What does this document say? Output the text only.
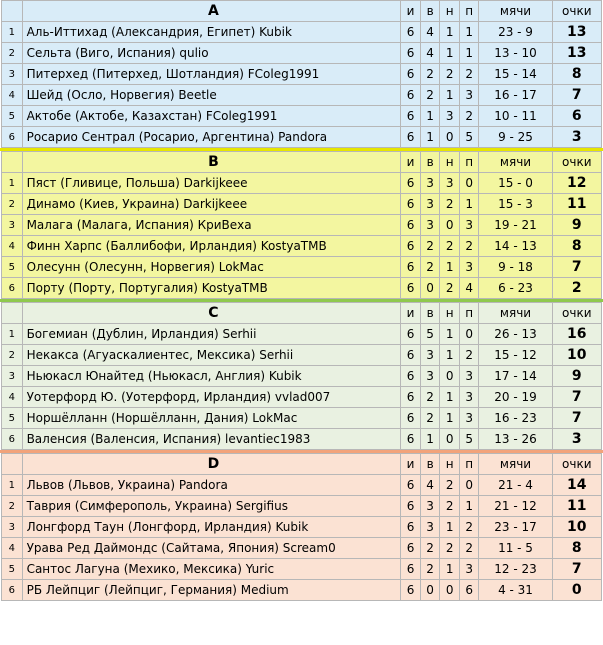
	A	и	в	н	п	мячи	очки
1	Аль-Иттихад (Александрия, Египет) Kubik	6	4	1	1	23 - 9	13
2	Сельта (Виго, Испания) qulio	6	4	1	1	13 - 10	13
3	Питерхед (Питерхед, Шотландия) FColeg1991	6	2	2	2	15 - 14	8
4	Шейд (Осло, Норвегия) Beetle	6	2	1	3	16 - 17	7
5	Актобе (Актобе, Казахстан) FColeg1991	6	1	3	2	10 - 11	6
6	Росарио Сентрал (Росарио, Аргентина) Pandora	6	1	0	5	9 - 25	3
	B	и	в	н	п	мячи	очки
1	Пяст (Гливице, Польша) Darkijkeee	6	3	3	0	15 - 0	12
2	Динамо (Киев, Украина) Darkijkeee	6	3	2	1	15 - 3	11
3	Малага (Малага, Испания) КриВеха	6	3	0	3	19 - 21	9
4	Финн Харпс (Баллибофи, Ирландия) KostyaTMB	6	2	2	2	14 - 13	8
5	Олесунн (Олесунн, Норвегия) LokMac	6	2	1	3	9 - 18	7
6	Порту (Порту, Португалия) KostyaTMB	6	0	2	4	6 - 23	2
	C	и	в	н	п	мячи	очки
1	Богемиан (Дублин, Ирландия) Serhii	6	5	1	0	26 - 13	16
2	Некакса (Агуаскалиентес, Мексика) Serhii	6	3	1	2	15 - 12	10
3	Ньюкасл Юнайтед (Ньюкасл, Англия) Kubik	6	3	0	3	17 - 14	9
4	Уотерфорд Ю. (Уотерфорд, Ирландия) vvlad007	6	2	1	3	20 - 19	7
5	Норшёлланн (Норшёлланн, Дания) LokMac	6	2	1	3	16 - 23	7
6	Валенсия (Валенсия, Испания) levantiec1983	6	1	0	5	13 - 26	3
	D	и	в	н	п	мячи	очки
1	Львов (Львов, Украина) Pandora	6	4	2	0	21 - 4	14
2	Таврия (Симферополь, Украина) Sergifius	6	3	2	1	21 - 12	11
3	Лонгфорд Таун (Лонгфорд, Ирландия) Kubik	6	3	1	2	23 - 17	10
4	Урава Ред Даймондс (Сайтама, Япония) Scream0	6	2	2	2	11 - 5	8
5	Сантос Лагуна (Мехико, Мексика) Yuric	6	2	1	3	12 - 23	7
6	РБ Лейпциг (Лейпциг, Германия) Medium	6	0	0	6	4 - 31	0
